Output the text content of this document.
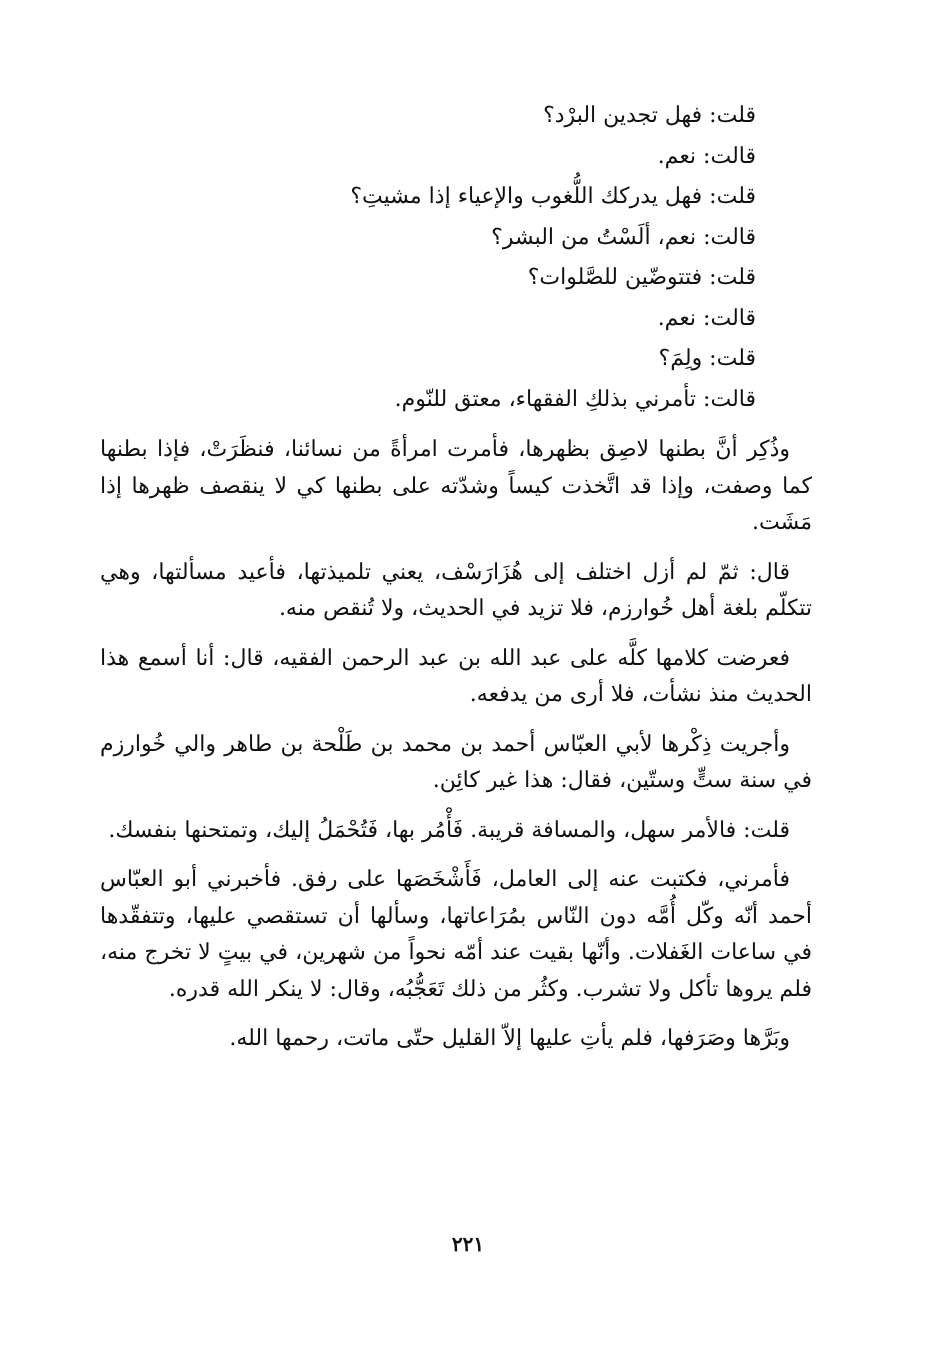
قلت: فهل تجدين البرْد؟
قالت: نعم.
قلت: فهل يدركك اللُّغوب والإعياء إذا مشيتِ؟
قالت: نعم، ألَسْتُ من البشر؟
قلت: فتتوضّين للصَّلوات؟
قالت: نعم.
قلت: ولِمَ؟
قالت: تأمرني بذلكِ الفقهاء، معتق للنّوم.

وذُكِر أنَّ بطنها لاصِق بظهرها، فأمرت امرأةً من نسائنا، فنظَرَتْ، فإذا بطنها كما وصفت، وإذا قد اتَّخذت كيساً وشدّته على بطنها كي لا ينقصف ظهرها إذا مَشَت.

قال: ثمّ لم أزل اختلف إلى هُزَارَسْف، يعني تلميذتها، فأعيد مسألتها، وهي تتكلّم بلغة أهل خُوارزم، فلا تزيد في الحديث، ولا تُنقص منه.

فعرضت كلامها كلَّه على عبد الله بن عبد الرحمن الفقيه، قال: أنا أسمع هذا الحديث منذ نشأت، فلا أرى من يدفعه.

وأجريت ذِكْرها لأبي العبّاس أحمد بن محمد بن طَلْحة بن طاهر والي خُوارزم في سنة ستٍّ وستّين، فقال: هذا غير كائِن.

قلت: فالأمر سهل، والمسافة قريبة. فَأْمُر بها، فَتُحْمَلُ إليك، وتمتحنها بنفسك.

فأمرني، فكتبت عنه إلى العامل، فَأَشْخَصَها على رفق. فأخبرني أبو العبّاس أحمد أنّه وكّل أُمَّه دون النّاس بمُرَاعاتها، وسألها أن تستقصي عليها، وتتفقّدها في ساعات الغَفلات. وأنّها بقيت عند أمّه نحواً من شهرين، في بيتٍ لا تخرج منه، فلم يروها تأكل ولا تشرب. وكثُر من ذلك تَعَجُّبُه، وقال: لا ينكر الله قدره.

وبَرَّها وصَرَفها، فلم يأتِ عليها إلاّ القليل حتّى ماتت، رحمها الله.

٢٢١
